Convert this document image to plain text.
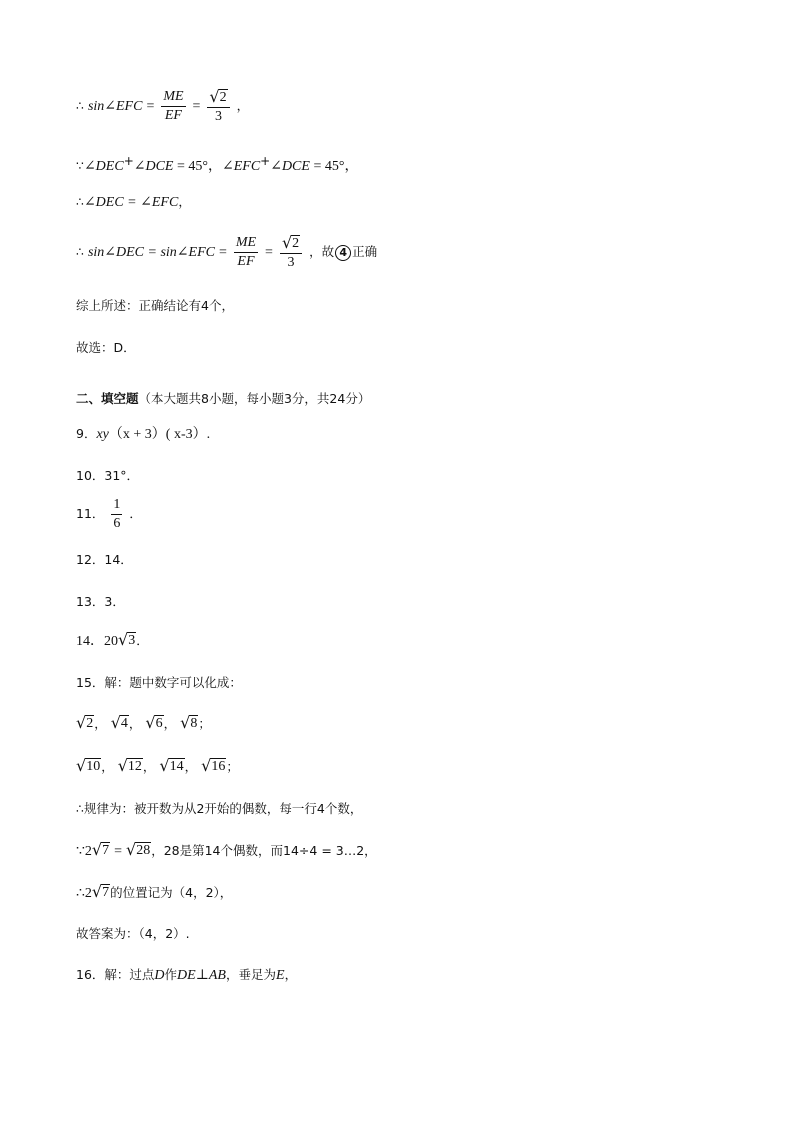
∴ sin∠EFC = $\frac{ME}{EF} = \frac{√ 2}{3}$ ，
∵∠DEC+∠DCE = 45°，∠EFC+∠DCE = 45°，
∴∠DEC = ∠EFC，
∴ sin∠DEC = sin∠EFC = $\frac{ME}{EF} = \frac{√ 2}{3}$ ，故 4 正确
综上所述：正确结论有4个，
故选：D．
二、填空题（本大题共8小题，每小题3分，共24分）
9．xy（x + 3）( x-3）.
10．31°．
11． $\frac{1}{6}$ ．
12．14．
13．3．
14．20 √ 3 ．
15．解：题中数字可以化成：
√ 2 ， √ 4 ， √ 6 ， √ 8 ；
√ 10 ， √ 12 ， √ 14 ， √ 16 ；
∴规律为：被开数为从2开始的偶数，每一行4个数，
∵2 √ 7 = √ 28 ，28是第14个偶数，而14÷4 = 3…2，
∴2 √ 7 的位置记为（4，2），
故答案为：（4，2）.
16．解：过点D作DE⊥AB，垂足为E，
